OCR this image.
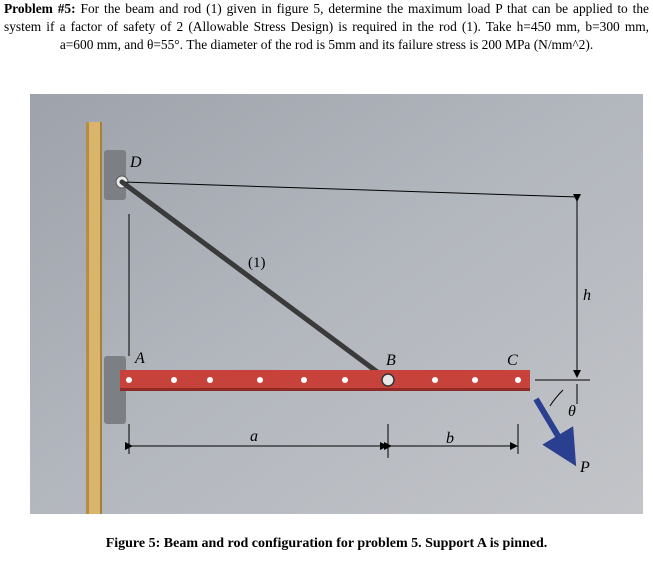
Problem #5: For the beam and rod (1) given in figure 5, determine the maximum load P that can be applied to the system if a factor of safety of 2 (Allowable Stress Design) is required in the rod (1). Take h=450 mm, b=300 mm, a=600 mm, and θ=55°. The diameter of the rod is 5mm and its failure stress is 200 MPa (N/mm^2).
D
(1)
A	B	C
h
a	b
θ
P
Figure 5: Beam and rod configuration for problem 5. Support A is pinned.
